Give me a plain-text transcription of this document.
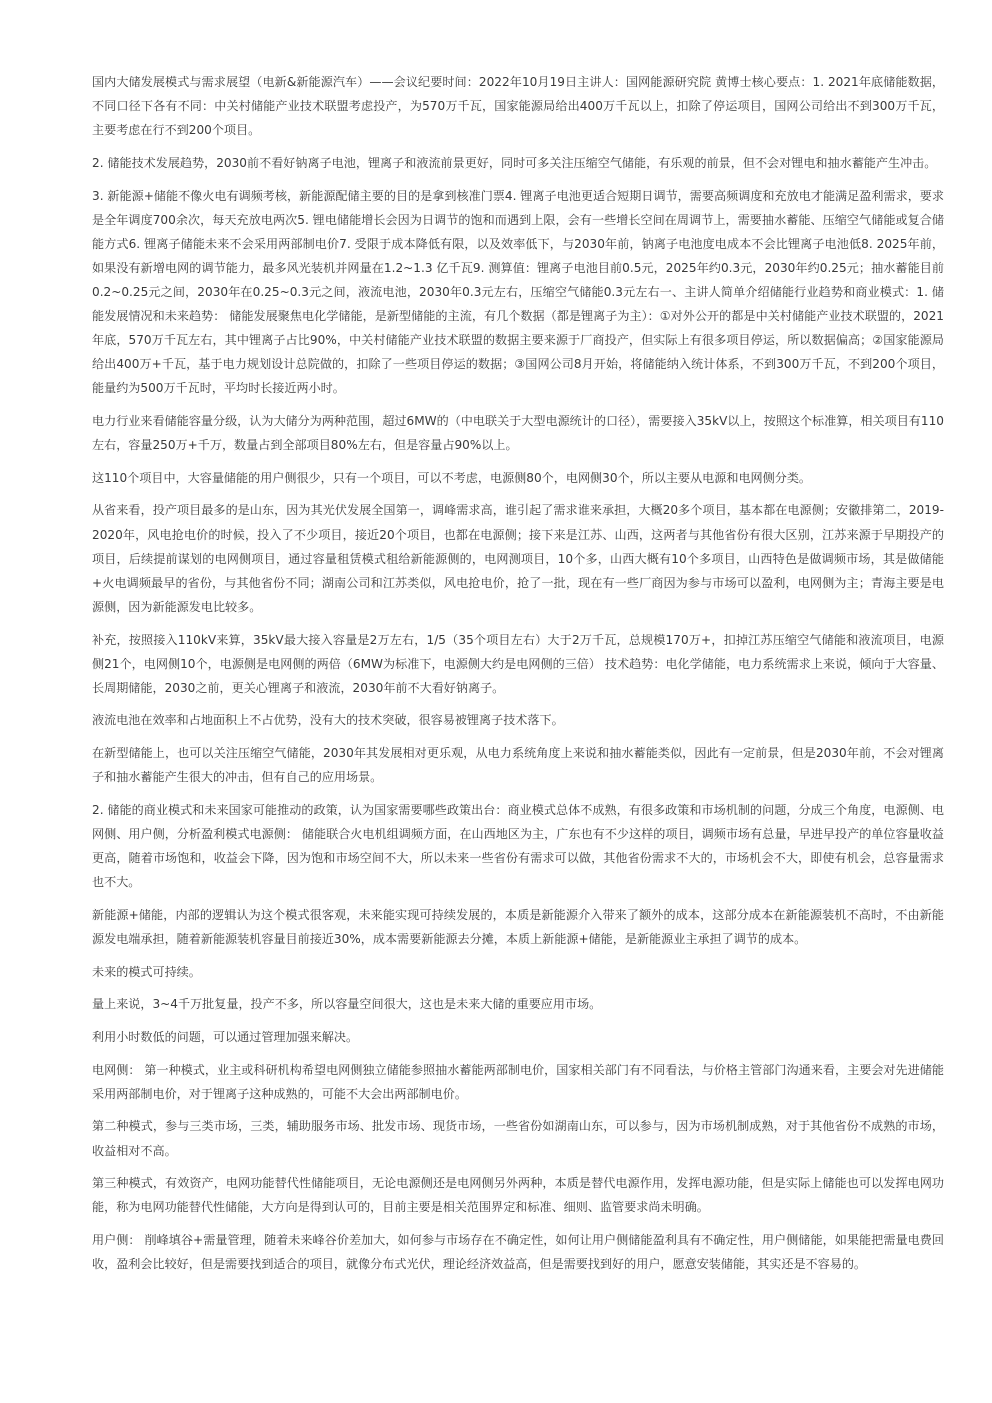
国内大储发展模式与需求展望（电新&新能源汽车）——会议纪要时间：2022年10月19日主讲人：国网能源研究院 黄博士核心要点：1. 2021年底储能数据，不同口径下各有不同：中关村储能产业技术联盟考虑投产，为570万千瓦，国家能源局给出400万千瓦以上，扣除了停运项目，国网公司给出不到300万千瓦，主要考虑在行不到200个项目。

2. 储能技术发展趋势，2030前不看好钠离子电池，锂离子和液流前景更好，同时可多关注压缩空气储能，有乐观的前景，但不会对锂电和抽水蓄能产生冲击。

3. 新能源+储能不像火电有调频考核，新能源配储主要的目的是拿到核准门票4. 锂离子电池更适合短期日调节，需要高频调度和充放电才能满足盈利需求，要求是全年调度700余次，每天充放电两次5. 锂电储能增长会因为日调节的饱和而遇到上限，会有一些增长空间在周调节上，需要抽水蓄能、压缩空气储能或复合储能方式6. 锂离子储能未来不会采用两部制电价7. 受限于成本降低有限，以及效率低下，与2030年前，钠离子电池度电成本不会比锂离子电池低8. 2025年前，如果没有新增电网的调节能力，最多风光装机并网量在1.2~1.3 亿千瓦9. 测算值：锂离子电池目前0.5元，2025年约0.3元，2030年约0.25元；抽水蓄能目前0.2~0.25元之间，2030年在0.25~0.3元之间，液流电池，2030年0.3元左右，压缩空气储能0.3元左右一、主讲人简单介绍储能行业趋势和商业模式：1. 储能发展情况和未来趋势： 储能发展聚焦电化学储能，是新型储能的主流，有几个数据（都是锂离子为主）：①对外公开的都是中关村储能产业技术联盟的，2021年底，570万千瓦左右，其中锂离子占比90%，中关村储能产业技术联盟的数据主要来源于厂商投产，但实际上有很多项目停运，所以数据偏高；②国家能源局给出400万+千瓦，基于电力规划设计总院做的，扣除了一些项目停运的数据；③国网公司8月开始，将储能纳入统计体系，不到300万千瓦，不到200个项目，能量约为500万千瓦时，平均时长接近两小时。

电力行业来看储能容量分级，认为大储分为两种范围，超过6MW的（中电联关于大型电源统计的口径），需要接入35kV以上，按照这个标准算，相关项目有110左右，容量250万+千万，数量占到全部项目80%左右，但是容量占90%以上。

这110个项目中，大容量储能的用户侧很少，只有一个项目，可以不考虑，电源侧80个，电网侧30个，所以主要从电源和电网侧分类。

从省来看，投产项目最多的是山东，因为其光伏发展全国第一，调峰需求高，谁引起了需求谁来承担，大概20多个项目，基本都在电源侧；安徽排第二，2019-2020年，风电抢电价的时候，投入了不少项目，接近20个项目，也都在电源侧；接下来是江苏、山西，这两者与其他省份有很大区别，江苏来源于早期投产的项目，后续提前谋划的电网侧项目，通过容量租赁模式租给新能源侧的，电网测项目，10个多，山西大概有10个多项目，山西特色是做调频市场，其是做储能+火电调频最早的省份，与其他省份不同；湖南公司和江苏类似，风电抢电价，抢了一批，现在有一些厂商因为参与市场可以盈利，电网侧为主；青海主要是电源侧，因为新能源发电比较多。

补充，按照接入110kV来算，35kV最大接入容量是2万左右，1/5（35个项目左右）大于2万千瓦，总规模170万+，扣掉江苏压缩空气储能和液流项目，电源侧21个，电网侧10个，电源侧是电网侧的两倍（6MW为标准下，电源侧大约是电网侧的三倍） 技术趋势：电化学储能，电力系统需求上来说，倾向于大容量、长周期储能，2030之前，更关心锂离子和液流，2030年前不大看好钠离子。

液流电池在效率和占地面积上不占优势，没有大的技术突破，很容易被锂离子技术落下。

在新型储能上，也可以关注压缩空气储能，2030年其发展相对更乐观，从电力系统角度上来说和抽水蓄能类似，因此有一定前景，但是2030年前，不会对锂离子和抽水蓄能产生很大的冲击，但有自己的应用场景。

2. 储能的商业模式和未来国家可能推动的政策，认为国家需要哪些政策出台：商业模式总体不成熟，有很多政策和市场机制的问题，分成三个角度，电源侧、电网侧、用户侧，分析盈利模式电源侧： 储能联合火电机组调频方面，在山西地区为主，广东也有不少这样的项目，调频市场有总量，早进早投产的单位容量收益更高，随着市场饱和，收益会下降，因为饱和市场空间不大，所以未来一些省份有需求可以做，其他省份需求不大的，市场机会不大，即使有机会，总容量需求也不大。

新能源+储能，内部的逻辑认为这个模式很客观，未来能实现可持续发展的，本质是新能源介入带来了额外的成本，这部分成本在新能源装机不高时，不由新能源发电端承担，随着新能源装机容量目前接近30%，成本需要新能源去分摊，本质上新能源+储能，是新能源业主承担了调节的成本。

未来的模式可持续。

量上来说，3~4千万批复量，投产不多，所以容量空间很大，这也是未来大储的重要应用市场。

利用小时数低的问题，可以通过管理加强来解决。

电网侧： 第一种模式，业主或科研机构希望电网侧独立储能参照抽水蓄能两部制电价，国家相关部门有不同看法，与价格主管部门沟通来看，主要会对先进储能采用两部制电价，对于锂离子这种成熟的，可能不大会出两部制电价。

第二种模式，参与三类市场，三类，辅助服务市场、批发市场、现货市场，一些省份如湖南山东，可以参与，因为市场机制成熟，对于其他省份不成熟的市场，收益相对不高。

第三种模式，有效资产，电网功能替代性储能项目，无论电源侧还是电网侧另外两种，本质是替代电源作用，发挥电源功能，但是实际上储能也可以发挥电网功能，称为电网功能替代性储能，大方向是得到认可的，目前主要是相关范围界定和标准、细则、监管要求尚未明确。

用户侧： 削峰填谷+需量管理，随着未来峰谷价差加大，如何参与市场存在不确定性，如何让用户侧储能盈利具有不确定性，用户侧储能，如果能把需量电费回收，盈利会比较好，但是需要找到适合的项目，就像分布式光伏，理论经济效益高，但是需要找到好的用户，愿意安装储能，其实还是不容易的。
